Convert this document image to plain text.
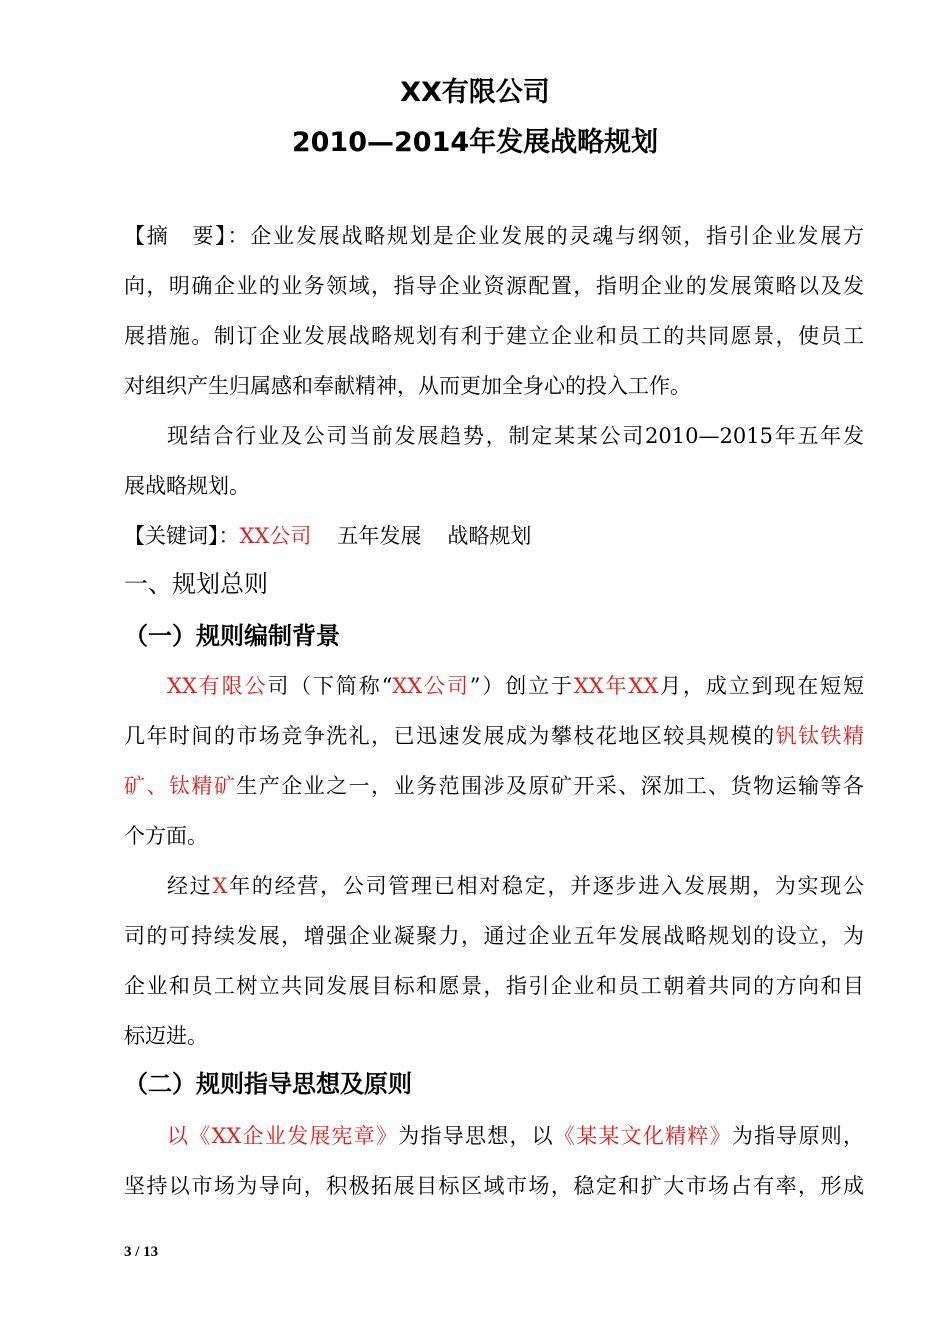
XX有限公司
2010—2014年发展战略规划
【摘　要】：企业发展战略规划是企业发展的灵魂与纲领，指引企业发展方
向，明确企业的业务领域，指导企业资源配置，指明企业的发展策略以及发
展措施。制订企业发展战略规划有利于建立企业和员工的共同愿景，使员工
对组织产生归属感和奉献精神，从而更加全身心的投入工作。
现结合行业及公司当前发展趋势，制定某某公司2010—2015年五年发
展战略规划。
【关键词】：XX公司 五年发展 战略规划
一、规划总则
（一）规则编制背景
XX有限公司（下简称“XX公司”）创立于XX年XX月，成立到现在短短
几年时间的市场竞争洗礼，已迅速发展成为攀枝花地区较具规模的钒钛铁精
矿、钛精矿生产企业之一，业务范围涉及原矿开采、深加工、货物运输等各
个方面。
经过X年的经营，公司管理已相对稳定，并逐步进入发展期，为实现公
司的可持续发展，增强企业凝聚力，通过企业五年发展战略规划的设立，为
企业和员工树立共同发展目标和愿景，指引企业和员工朝着共同的方向和目
标迈进。
（二）规则指导思想及原则
以《XX企业发展宪章》为指导思想，以《某某文化精粹》为指导原则，
坚持以市场为导向，积极拓展目标区域市场，稳定和扩大市场占有率，形成
3 / 13
